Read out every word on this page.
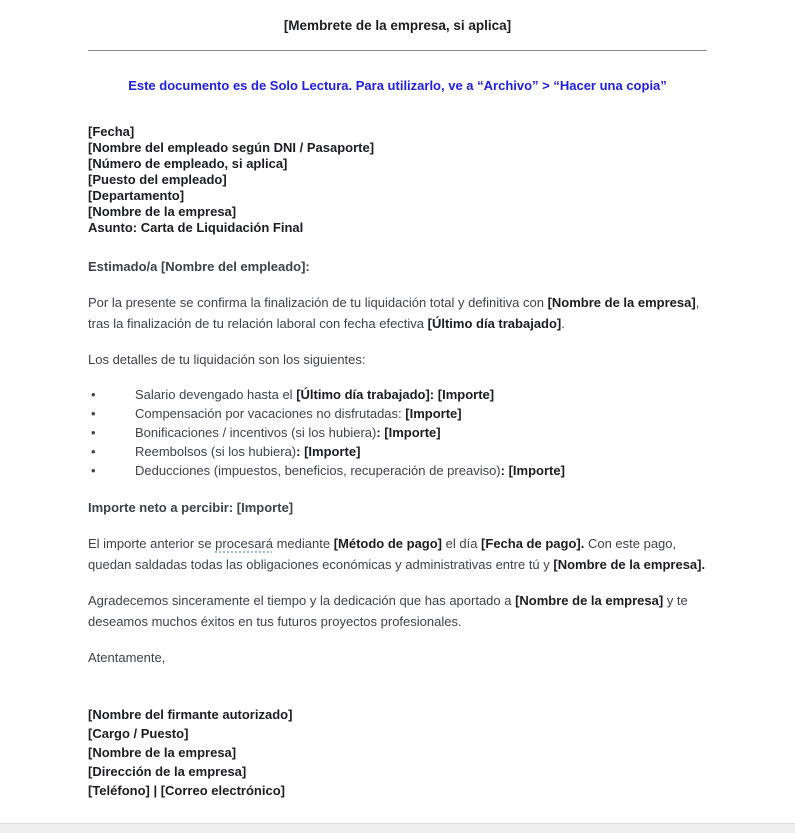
[Membrete de la empresa, si aplica]
Este documento es de Solo Lectura. Para utilizarlo, ve a “Archivo” > “Hacer una copia”

[Fecha]

[Nombre del empleado según DNI / Pasaporte]

[Número de empleado, si aplica]

[Puesto del empleado]

[Departamento]

[Nombre de la empresa]

Asunto: Carta de Liquidación Final

Estimado/a [Nombre del empleado]:

Por la presente se confirma la finalización de tu liquidación total y definitiva con [Nombre de la empresa], tras la finalización de tu relación laboral con fecha efectiva [Último día trabajado].

Los detalles de tu liquidación son los siguientes:

• Salario devengado hasta el [Último día trabajado]: [Importe]
• Compensación por vacaciones no disfrutadas: [Importe]
• Bonificaciones / incentivos (si los hubiera): [Importe]
• Reembolsos (si los hubiera): [Importe]
• Deducciones (impuestos, beneficios, recuperación de preaviso): [Importe]

Importe neto a percibir: [Importe]

El importe anterior se procesará mediante [Método de pago] el día [Fecha de pago]. Con este pago, quedan saldadas todas las obligaciones económicas y administrativas entre tú y [Nombre de la empresa].

Agradecemos sinceramente el tiempo y la dedicación que has aportado a [Nombre de la empresa] y te deseamos muchos éxitos en tus futuros proyectos profesionales.

Atentamente,

[Nombre del firmante autorizado]

[Cargo / Puesto]

[Nombre de la empresa]

[Dirección de la empresa]

[Teléfono] | [Correo electrónico]
